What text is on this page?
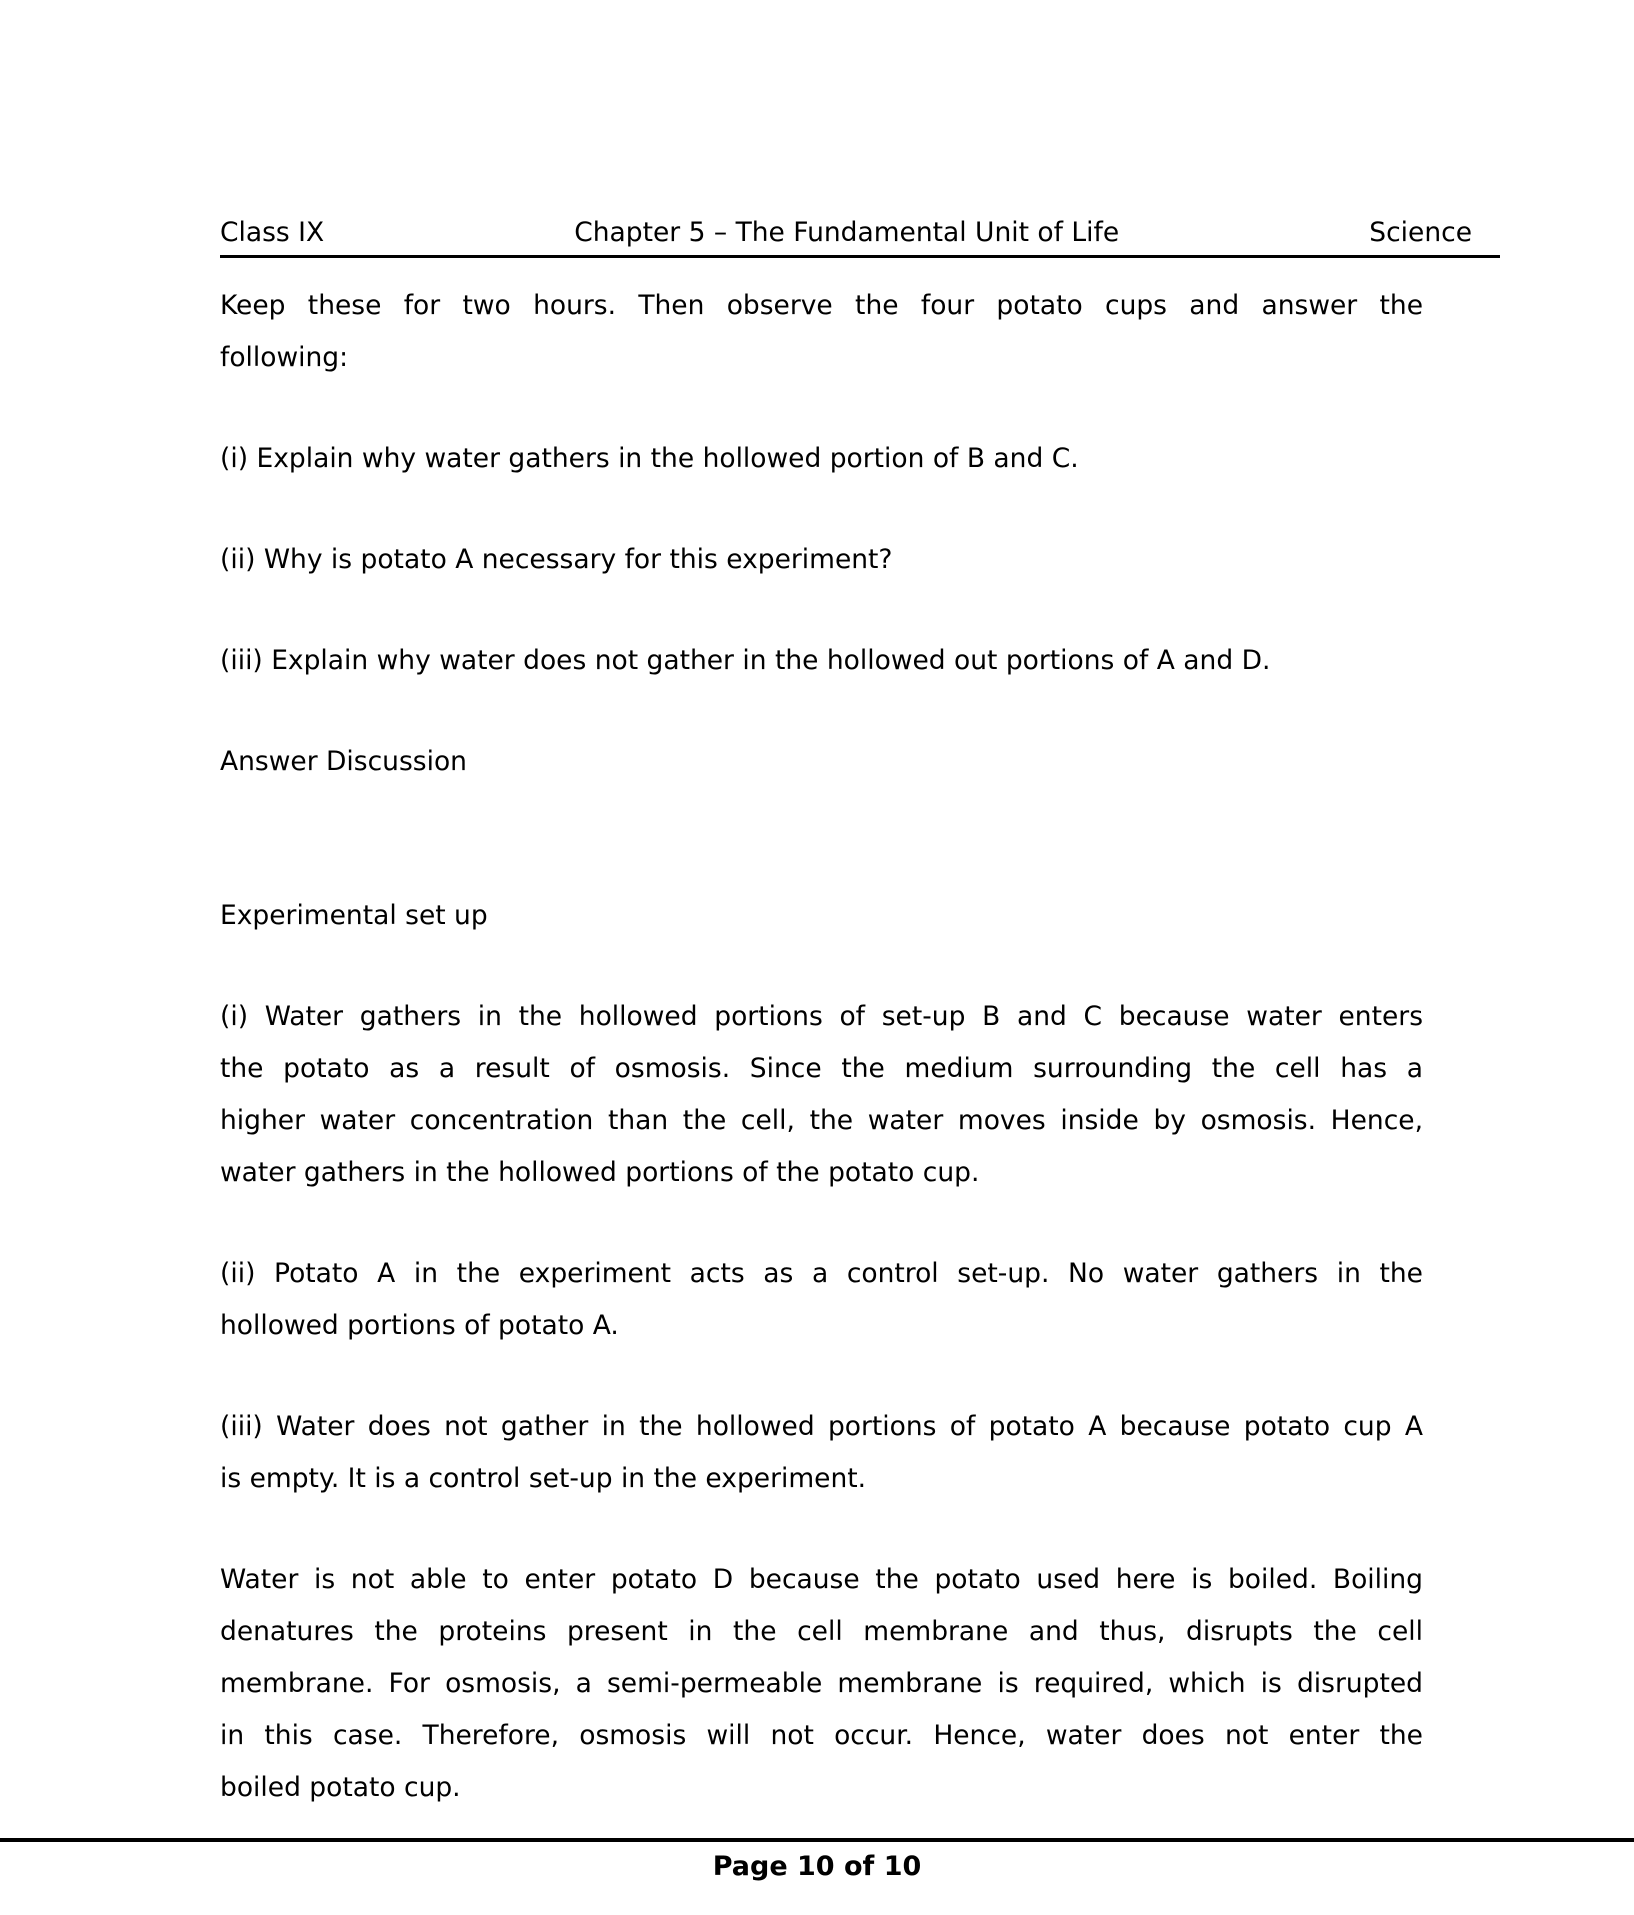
Class IX	Chapter 5 – The Fundamental Unit of Life	Science
Keep these for two hours. Then observe the four potato cups and answer the
following:
(i) Explain why water gathers in the hollowed portion of B and C.
(ii) Why is potato A necessary for this experiment?
(iii) Explain why water does not gather in the hollowed out portions of A and D.
Answer Discussion
Experimental set up
(i) Water gathers in the hollowed portions of set-up B and C because water enters
the potato as a result of osmosis. Since the medium surrounding the cell has a
higher water concentration than the cell, the water moves inside by osmosis. Hence,
water gathers in the hollowed portions of the potato cup.
(ii) Potato A in the experiment acts as a control set-up. No water gathers in the
hollowed portions of potato A.
(iii) Water does not gather in the hollowed portions of potato A because potato cup A
is empty. It is a control set-up in the experiment.
Water is not able to enter potato D because the potato used here is boiled. Boiling
denatures the proteins present in the cell membrane and thus, disrupts the cell
membrane. For osmosis, a semi-permeable membrane is required, which is disrupted
in this case. Therefore, osmosis will not occur. Hence, water does not enter the
boiled potato cup.
Page 10 of 10
